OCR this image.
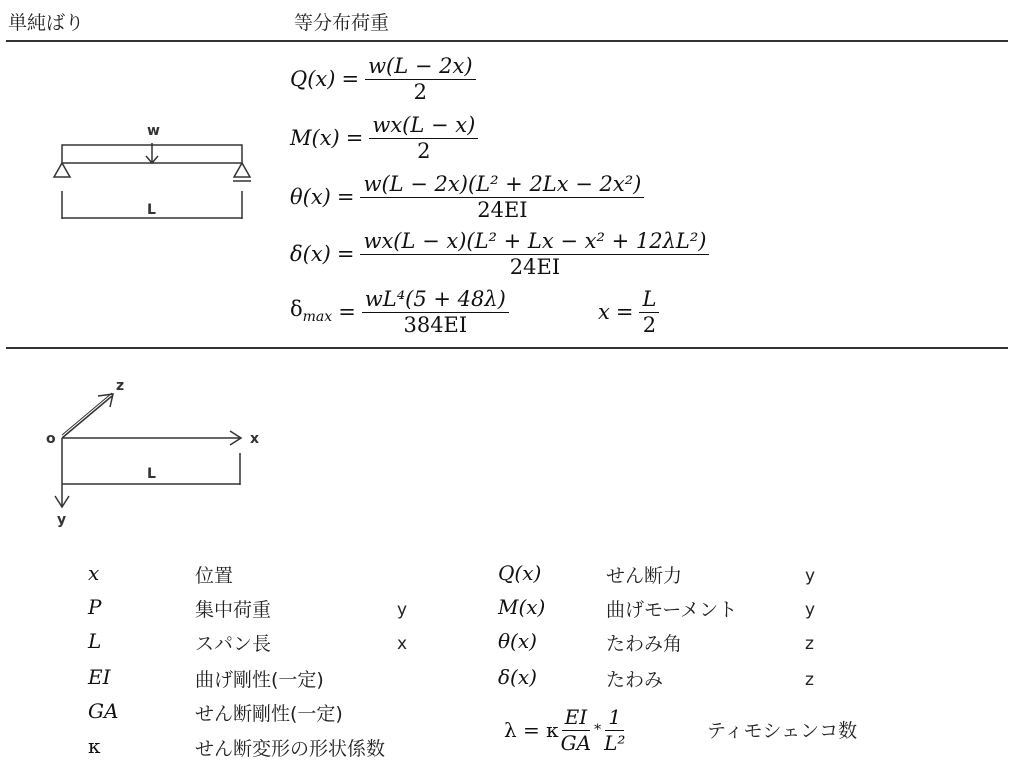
単純ばり	等分布荷重
w
L
$Q(x) = \frac{w(L - 2x)}{2}$
$M(x) = \frac{wx(L - x)}{2}$
$\theta(x) = \frac{\text{w(L − 2x)(L² + 2Lx − 2x²)}}{24EI}$
$\delta(x) = \frac{\text{wx(L − x)(L² + Lx − x² + 12λL²)}}{24EI}$
$\delta_{max} = \frac{\text{wL⁴(5 + 48λ)}}{384EI}$	$x = \frac{L}{2}$
x
y
z
o
L
x	位置
P	集中荷重	y
L	スパン長	x
EI	曲げ剛性(一定)
GA	せん断剛性(一定)
κ	せん断変形の形状係数
Q(x)	せん断力	y
M(x)	曲げモーメント	y
θ(x)	たわみ角	z
δ(x)	たわみ	z
λ = κ $\frac{EI}{GA} * \frac{1}{\text{L²}}$	ティモシェンコ数
